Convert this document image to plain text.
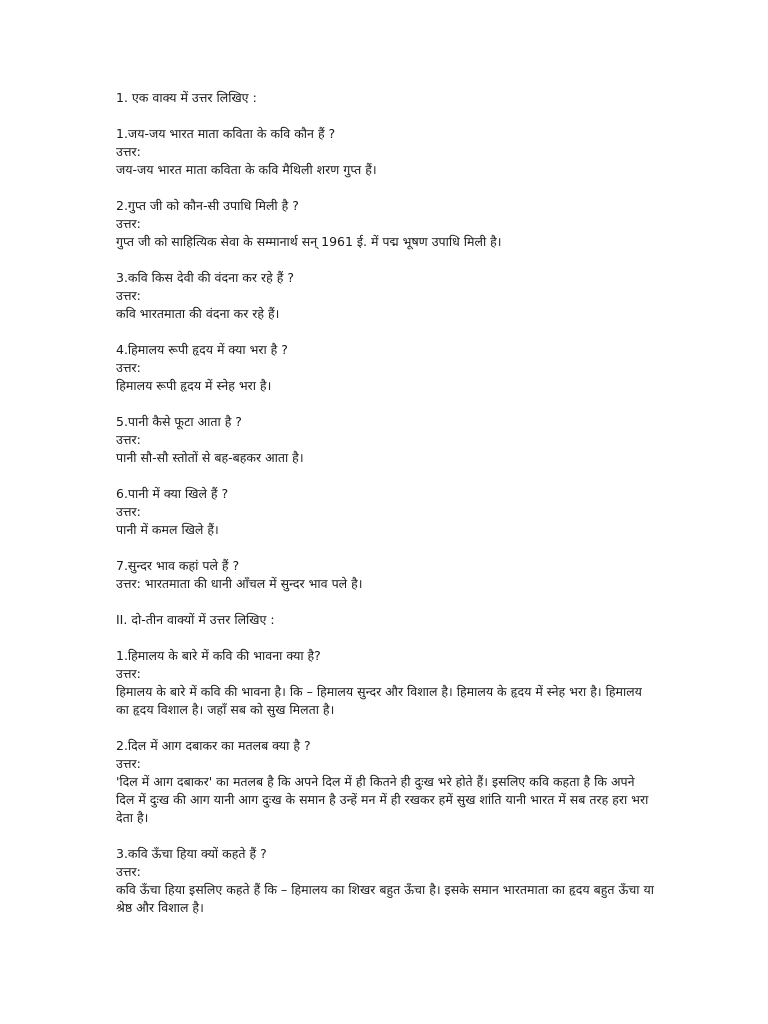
1. एक वाक्य में उत्तर लिखिए :
1.जय-जय भारत माता कविता के कवि कौन हैं ?
उत्तर:
जय-जय भारत माता कविता के कवि मैथिली शरण गुप्त हैं।
2.गुप्त जी को कौन-सी उपाधि मिली है ?
उत्तर:
गुप्त जी को साहित्यिक सेवा के सम्मानार्थ सन् 1961 ई. में पद्म भूषण उपाधि मिली है।
3.कवि किस देवी की वंदना कर रहे हैं ?
उत्तर:
कवि भारतमाता की वंदना कर रहे हैं।
4.हिमालय रूपी हृदय में क्या भरा है ?
उत्तर:
हिमालय रूपी हृदय में स्नेह भरा है।
5.पानी कैसे फूटा आता है ?
उत्तर:
पानी सौ-सौ स्तोतों से बह-बहकर आता है।
6.पानी में क्या खिले हैं ?
उत्तर:
पानी में कमल खिले हैं।
7.सुन्दर भाव कहां पले हैं ?
उत्तर: भारतमाता की धानी आँचल में सुन्दर भाव पले है।
II. दो-तीन वाक्यों में उत्तर लिखिए :
1.हिमालय के बारे में कवि की भावना क्या है?
उत्तर:
हिमालय के बारे में कवि की भावना है। कि – हिमालय सुन्दर और विशाल है। हिमालय के हृदय में स्नेह भरा है। हिमालय का हृदय विशाल है। जहाँ सब को सुख मिलता है।
2.दिल में आग दबाकर का मतलब क्या है ?
उत्तर:
'दिल में आग दबाकर' का मतलब है कि अपने दिल में ही कितने ही दुःख भरे होते हैं। इसलिए कवि कहता है कि अपने दिल में दुःख की आग यानी आग दुःख के समान है उन्हें मन में ही रखकर हमें सुख शांति यानी भारत में सब तरह हरा भरा देता है।
3.कवि ऊँचा हिया क्यों कहते हैं ?
उत्तर:
कवि ऊँचा हिया इसलिए कहते हैं कि – हिमालय का शिखर बहुत ऊँचा है। इसके समान भारतमाता का हृदय बहुत ऊँचा या श्रेष्ठ और विशाल है।
